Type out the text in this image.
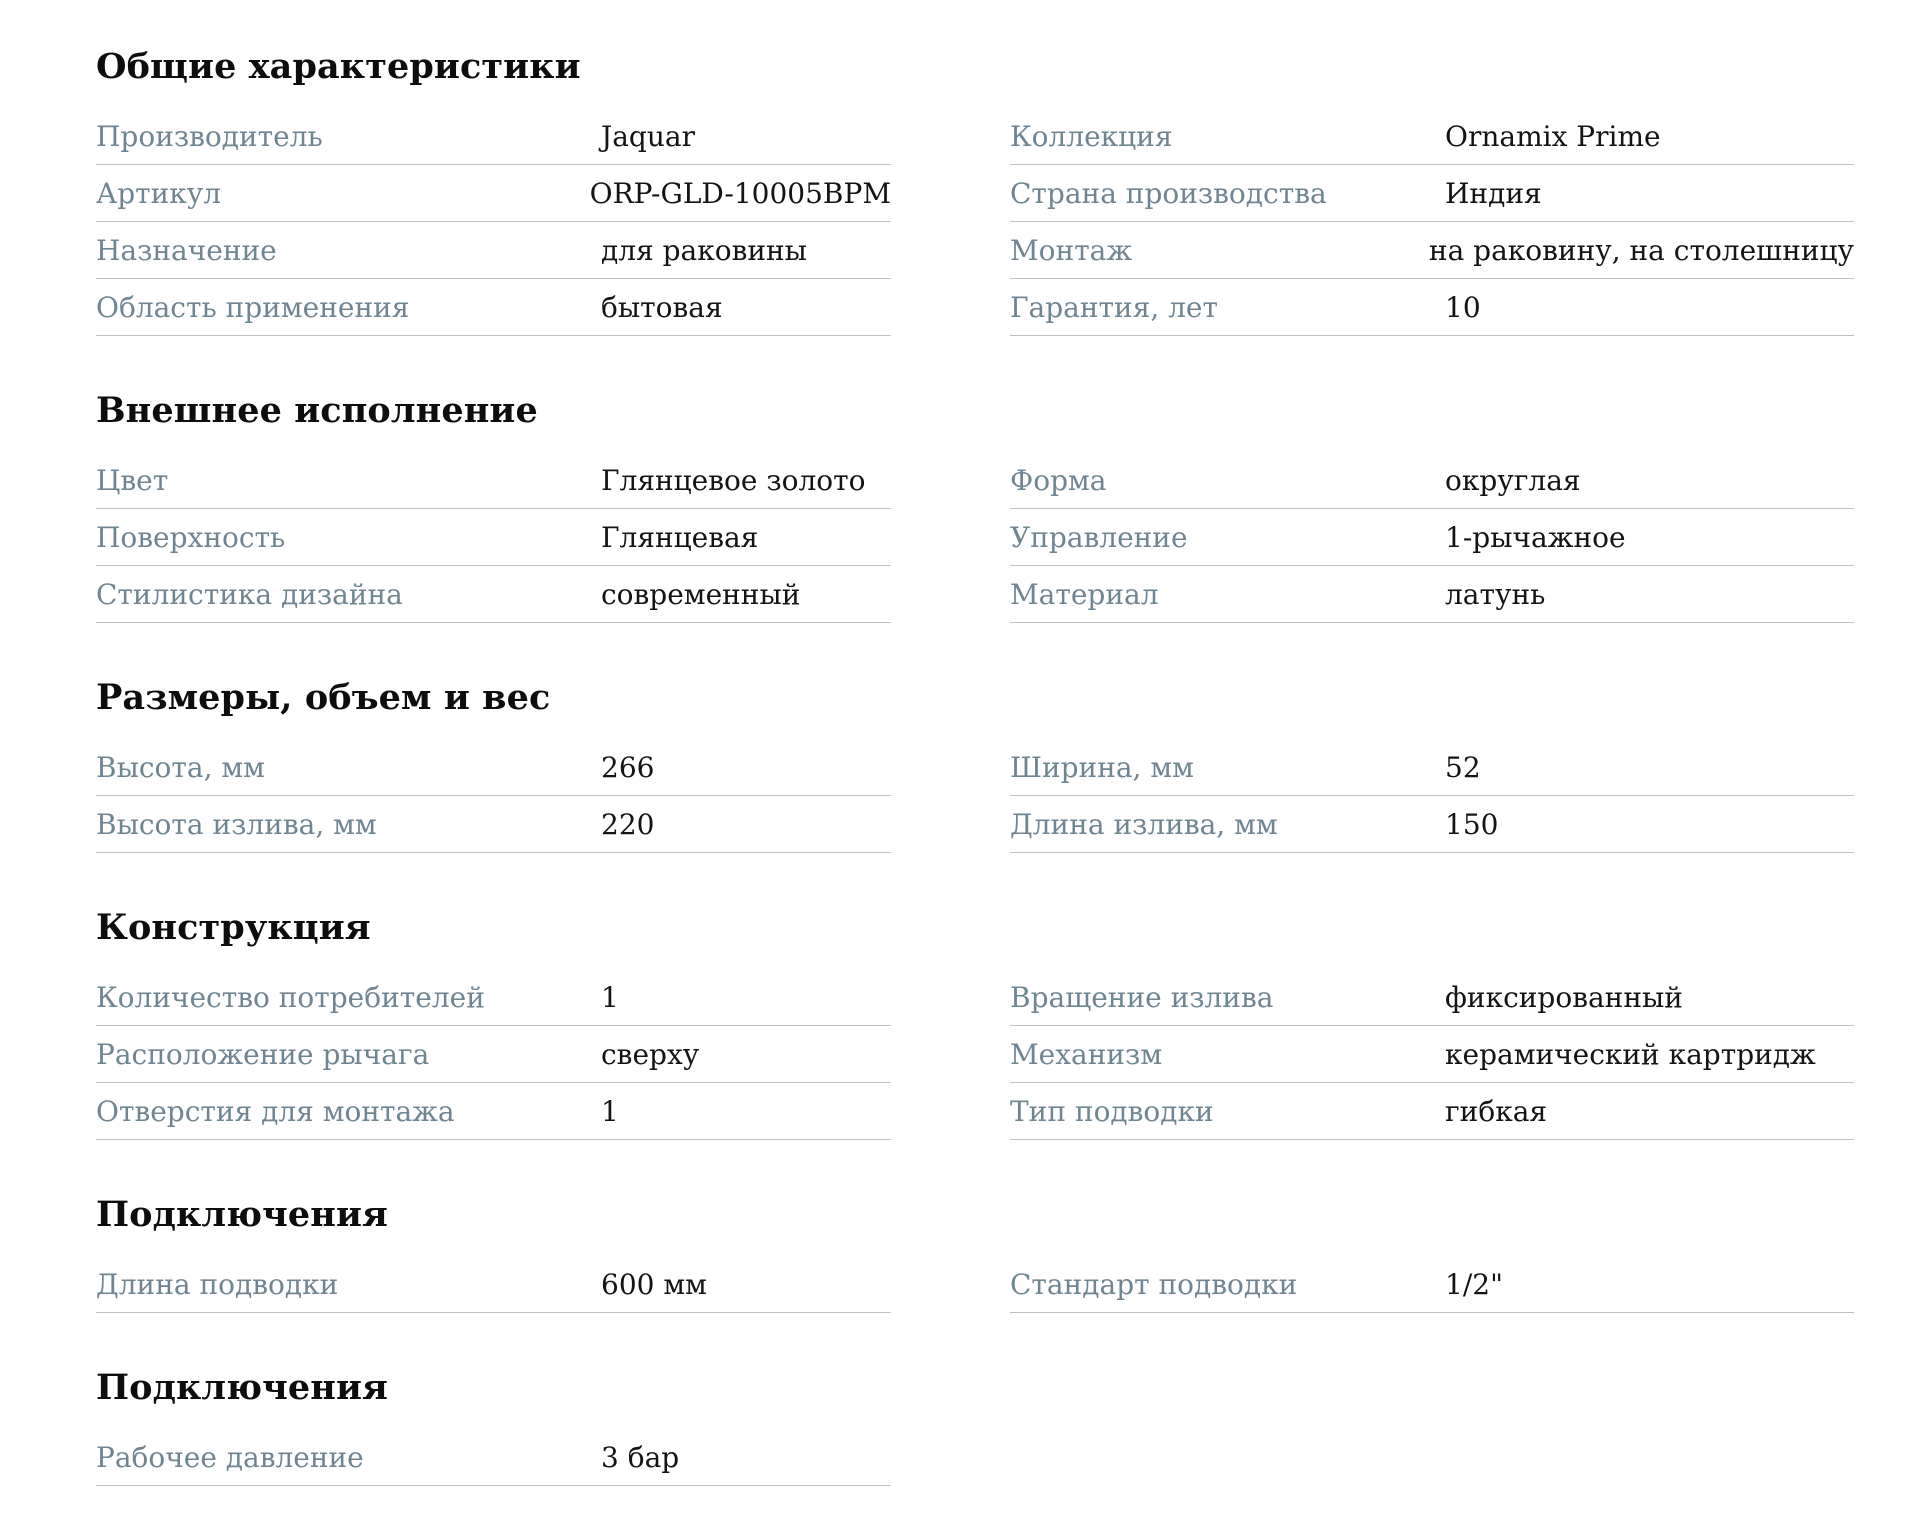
Общие характеристики
Производитель	Jaquar	Коллекция	Ornamix Prime
Артикул	ORP-GLD-10005BPM	Страна производства	Индия
Назначение	для раковины	Монтаж	на раковину, на столешницу
Область применения	бытовая	Гарантия, лет	10
Внешнее исполнение
Цвет	Глянцевое золото	Форма	округлая
Поверхность	Глянцевая	Управление	1-рычажное
Стилистика дизайна	современный	Материал	латунь
Размеры, объем и вес
Высота, мм	266	Ширина, мм	52
Высота излива, мм	220	Длина излива, мм	150
Конструкция
Количество потребителей	1	Вращение излива	фиксированный
Расположение рычага	сверху	Механизм	керамический картридж
Отверстия для монтажа	1	Тип подводки	гибкая
Подключения
Длина подводки	600 мм	Стандарт подводки	1/2"
Подключения
Рабочее давление	3 бар
